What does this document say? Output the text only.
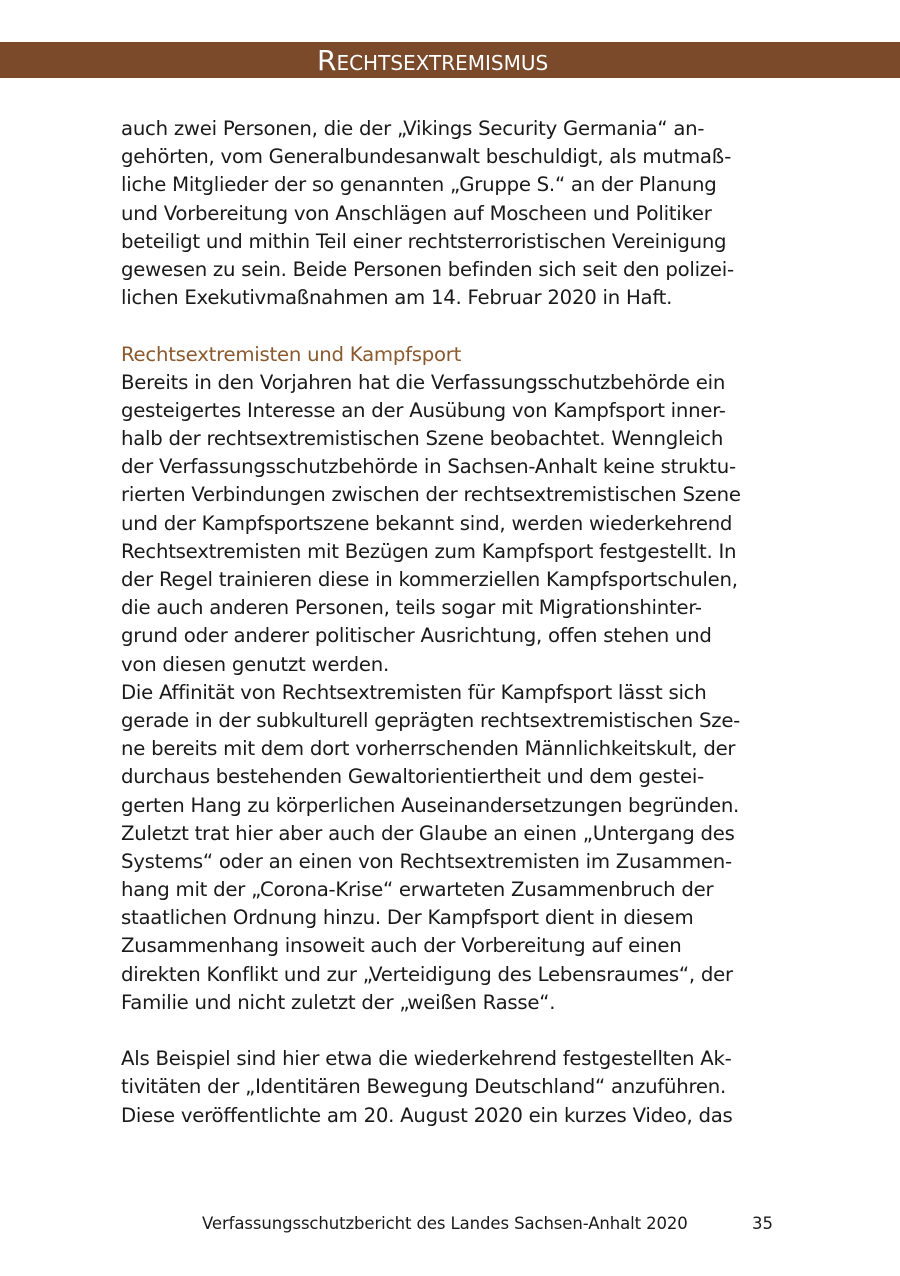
Rechtsextremismus
auch zwei Personen, die der „Vikings Security Germania“ an-
gehörten, vom Generalbundesanwalt beschuldigt, als mutmaß-
liche Mitglieder der so genannten „Gruppe S.“ an der Planung
und Vorbereitung von Anschlägen auf Moscheen und Politiker
beteiligt und mithin Teil einer rechtsterroristischen Vereinigung
gewesen zu sein. Beide Personen befinden sich seit den polizei-
lichen Exekutivmaßnahmen am 14. Februar 2020 in Haft.
Rechtsextremisten und Kampfsport
Bereits in den Vorjahren hat die Verfassungsschutzbehörde ein
gesteigertes Interesse an der Ausübung von Kampfsport inner-
halb der rechtsextremistischen Szene beobachtet. Wenngleich
der Verfassungsschutzbehörde in Sachsen-Anhalt keine struktu-
rierten Verbindungen zwischen der rechtsextremistischen Szene
und der Kampfsportszene bekannt sind, werden wiederkehrend
Rechtsextremisten mit Bezügen zum Kampfsport festgestellt. In
der Regel trainieren diese in kommerziellen Kampfsportschulen,
die auch anderen Personen, teils sogar mit Migrationshinter-
grund oder anderer politischer Ausrichtung, offen stehen und
von diesen genutzt werden.
Die Affinität von Rechtsextremisten für Kampfsport lässt sich
gerade in der subkulturell geprägten rechtsextremistischen Sze-
ne bereits mit dem dort vorherrschenden Männlichkeitskult, der
durchaus bestehenden Gewaltorientiertheit und dem gestei-
gerten Hang zu körperlichen Auseinandersetzungen begründen.
Zuletzt trat hier aber auch der Glaube an einen „Untergang des
Systems“ oder an einen von Rechtsextremisten im Zusammen-
hang mit der „Corona-Krise“ erwarteten Zusammenbruch der
staatlichen Ordnung hinzu. Der Kampfsport dient in diesem
Zusammenhang insoweit auch der Vorbereitung auf einen
direkten Konflikt und zur „Verteidigung des Lebensraumes“, der
Familie und nicht zuletzt der „weißen Rasse“.
Als Beispiel sind hier etwa die wiederkehrend festgestellten Ak-
tivitäten der „Identitären Bewegung Deutschland“ anzuführen.
Diese veröffentlichte am 20. August 2020 ein kurzes Video, das
Verfassungsschutzbericht des Landes Sachsen-Anhalt 2020	35
